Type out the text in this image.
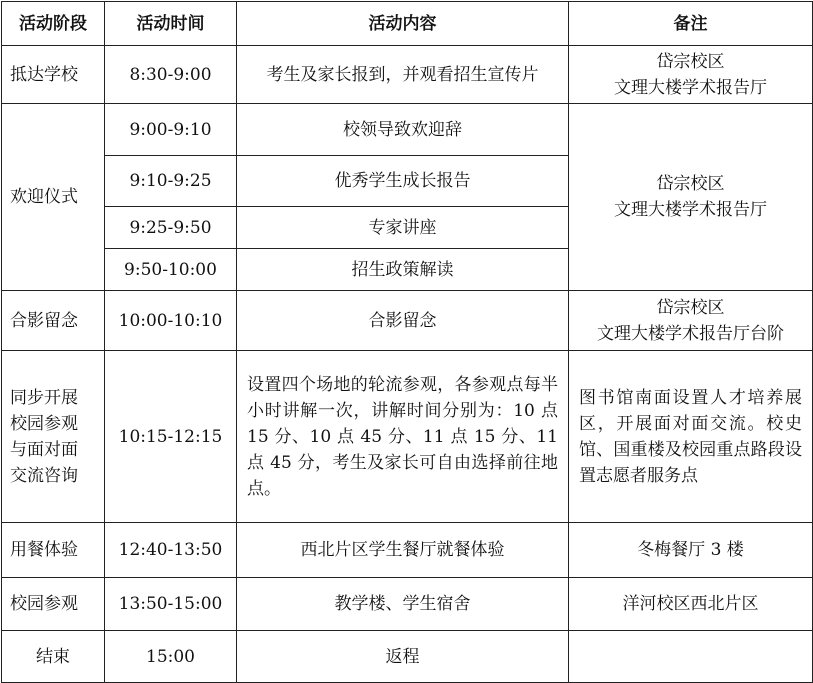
活动阶段	活动时间	活动内容	备注
抵达学校	8:30-9:00	考生及家长报到，并观看招生宣传片	岱宗校区
文理大楼学术报告厅

欢迎仪式	9:00-9:10	校领导致欢迎辞	岱宗校区
文理大楼学术报告厅

	9:10-9:25	优秀学生成长报告	
	9:25-9:50	专家讲座	
	9:50-10:00	招生政策解读	
合影留念	10:00-10:10	合影留念	岱宗校区
文理大楼学术报告厅台阶

同步开展
校园参观
与面对面
交流咨询	10:15-12:15	设置四个场地的轮流参观，各参观点每半小时讲解一次，讲解时间分别为：10 点 15 分、10 点 45 分、11 点 15 分、11 点 45 分，考生及家长可自由选择前往地点。	图书馆南面设置人才培养展区，开展面对面交流。校史馆、国重楼及校园重点路段设置志愿者服务点
用餐体验	12:40-13:50	西北片区学生餐厅就餐体验	冬梅餐厅 3 楼
校园参观	13:50-15:00	教学楼、学生宿舍	洋河校区西北片区
结束	15:00	返程	
